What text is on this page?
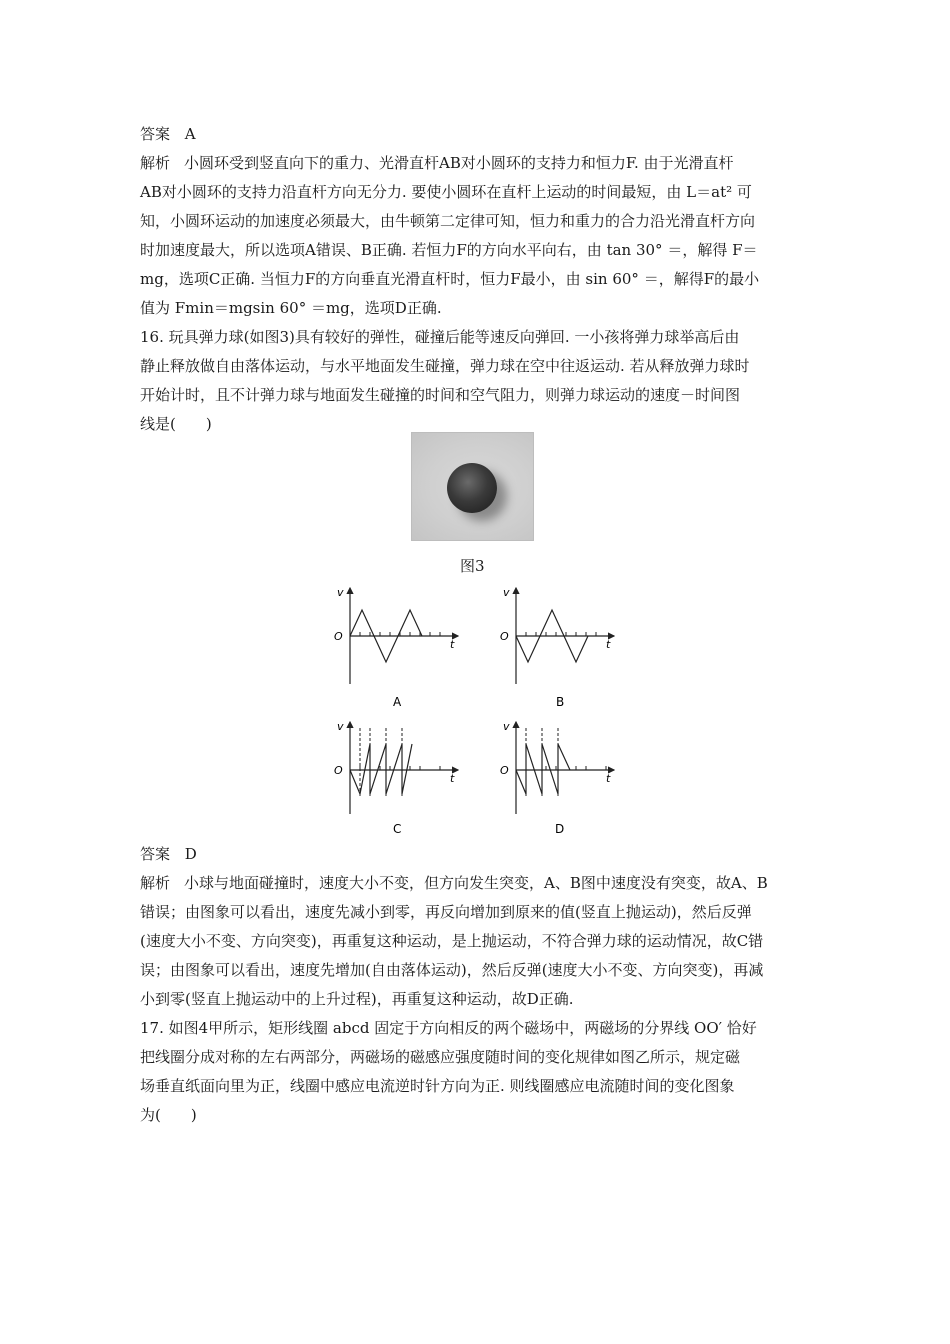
答案 A

解析 小圆环受到竖直向下的重力、光滑直杆AB对小圆环的支持力和恒力F. 由于光滑直杆
AB对小圆环的支持力沿直杆方向无分力. 要使小圆环在直杆上运动的时间最短，由 L＝at² 可
知，小圆环运动的加速度必须最大，由牛顿第二定律可知，恒力和重力的合力沿光滑直杆方向
时加速度最大，所以选项A错误、B正确. 若恒力F的方向水平向右，由 tan 30° ＝，解得 F＝
mg，选项C正确. 当恒力F的方向垂直光滑直杆时，恒力F最小，由 sin 60° ＝，解得F的最小
值为 Fmin＝mgsin 60° ＝mg，选项D正确.
16. 玩具弹力球(如图3)具有较好的弹性，碰撞后能等速反向弹回. 一小孩将弹力球举高后由
静止释放做自由落体运动，与水平地面发生碰撞，弹力球在空中往返运动. 若从释放弹力球时
开始计时，且不计弹力球与地面发生碰撞的时间和空气阻力，则弹力球运动的速度－时间图
线是(　　)
图3
v
O
t
A
v
O
t
B
v
O
t
C
v
O
t
D

答案 D

解析 小球与地面碰撞时，速度大小不变，但方向发生突变，A、B图中速度没有突变，故A、B
错误；由图象可以看出，速度先减小到零，再反向增加到原来的值(竖直上抛运动)，然后反弹
(速度大小不变、方向突变)，再重复这种运动，是上抛运动，不符合弹力球的运动情况，故C错
误；由图象可以看出，速度先增加(自由落体运动)，然后反弹(速度大小不变、方向突变)，再减
小到零(竖直上抛运动中的上升过程)，再重复这种运动，故D正确.
17. 如图4甲所示，矩形线圈 abcd 固定于方向相反的两个磁场中，两磁场的分界线 OO′ 恰好
把线圈分成对称的左右两部分，两磁场的磁感应强度随时间的变化规律如图乙所示，规定磁
场垂直纸面向里为正，线圈中感应电流逆时针方向为正. 则线圈感应电流随时间的变化图象
为(　　)
